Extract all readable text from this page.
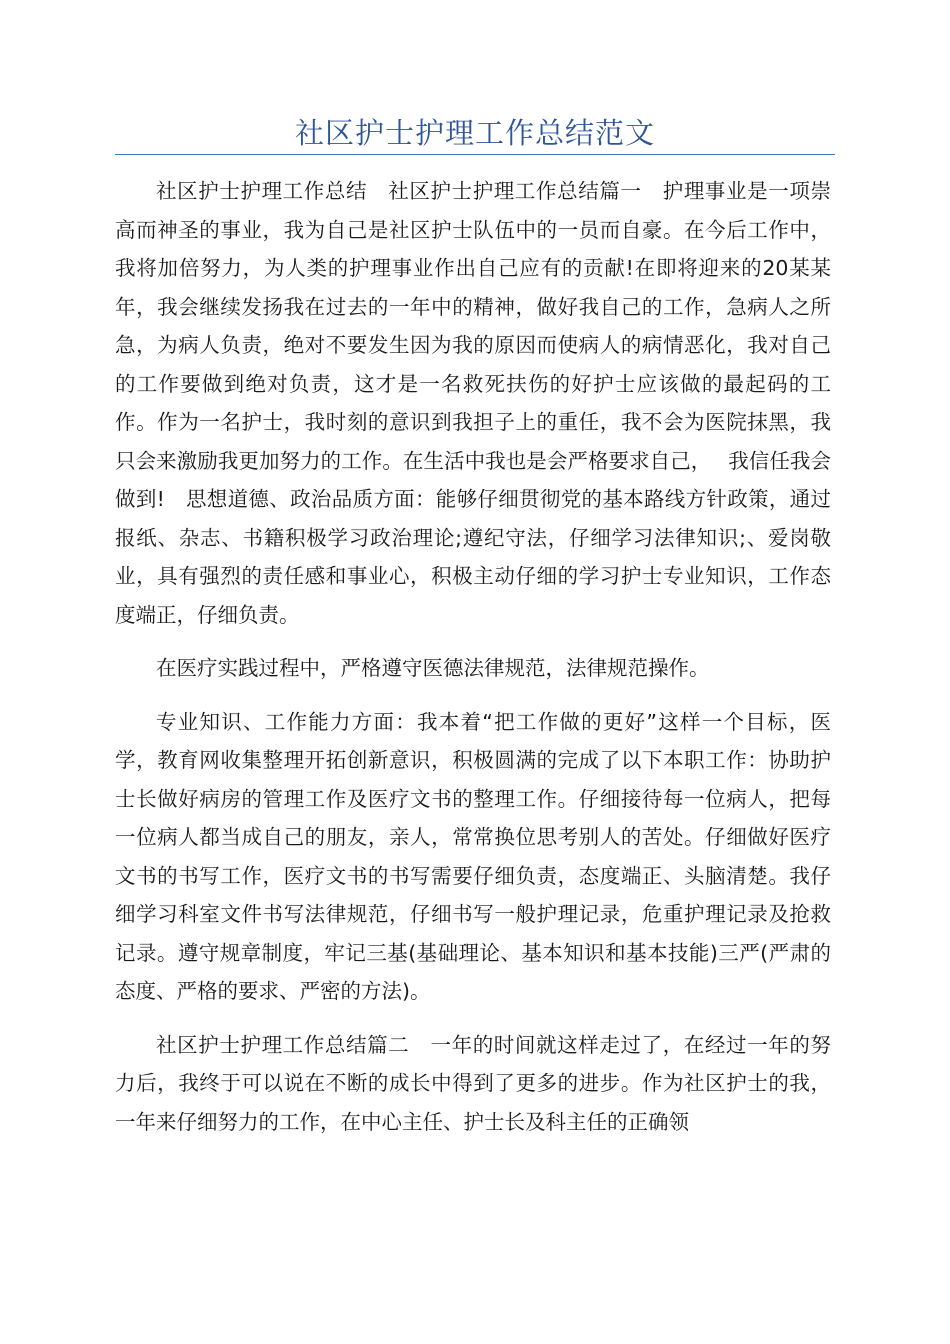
社区护士护理工作总结范文

社区护士护理工作总结　社区护士护理工作总结篇一　护理事业是一项崇高而神圣的事业，我为自己是社区护士队伍中的一员而自豪。在今后工作中，我将加倍努力，为人类的护理事业作出自己应有的贡献!在即将迎来的20某某年，我会继续发扬我在过去的一年中的精神，做好我自己的工作，急病人之所急，为病人负责，绝对不要发生因为我的原因而使病人的病情恶化，我对自己的工作要做到绝对负责，这才是一名救死扶伤的好护士应该做的最起码的工作。作为一名护士，我时刻的意识到我担子上的重任，我不会为医院抹黑，我只会来激励我更加努力的工作。在生活中我也是会严格要求自己，　 我信任我会做到!　思想道德、政治品质方面：能够仔细贯彻党的基本路线方针政策，通过报纸、杂志、书籍积极学习政治理论;遵纪守法，仔细学习法律知识;、爱岗敬业，具有强烈的责任感和事业心，积极主动仔细的学习护士专业知识，工作态度端正，仔细负责。

在医疗实践过程中，严格遵守医德法律规范，法律规范操作。

专业知识、工作能力方面：我本着“把工作做的更好”这样一个目标，医学，教育网收集整理开拓创新意识，积极圆满的完成了以下本职工作：协助护士长做好病房的管理工作及医疗文书的整理工作。仔细接待每一位病人，把每一位病人都当成自己的朋友，亲人，常常换位思考别人的苦处。仔细做好医疗文书的书写工作，医疗文书的书写需要仔细负责，态度端正、头脑清楚。我仔细学习科室文件书写法律规范，仔细书写一般护理记录，危重护理记录及抢救记录。遵守规章制度，牢记三基(基础理论、基本知识和基本技能)三严(严肃的态度、严格的要求、严密的方法)。

社区护士护理工作总结篇二　一年的时间就这样走过了，在经过一年的努力后，我终于可以说在不断的成长中得到了更多的进步。作为社区护士的我，一年来仔细努力的工作，在中心主任、护士长及科主任的正确领
